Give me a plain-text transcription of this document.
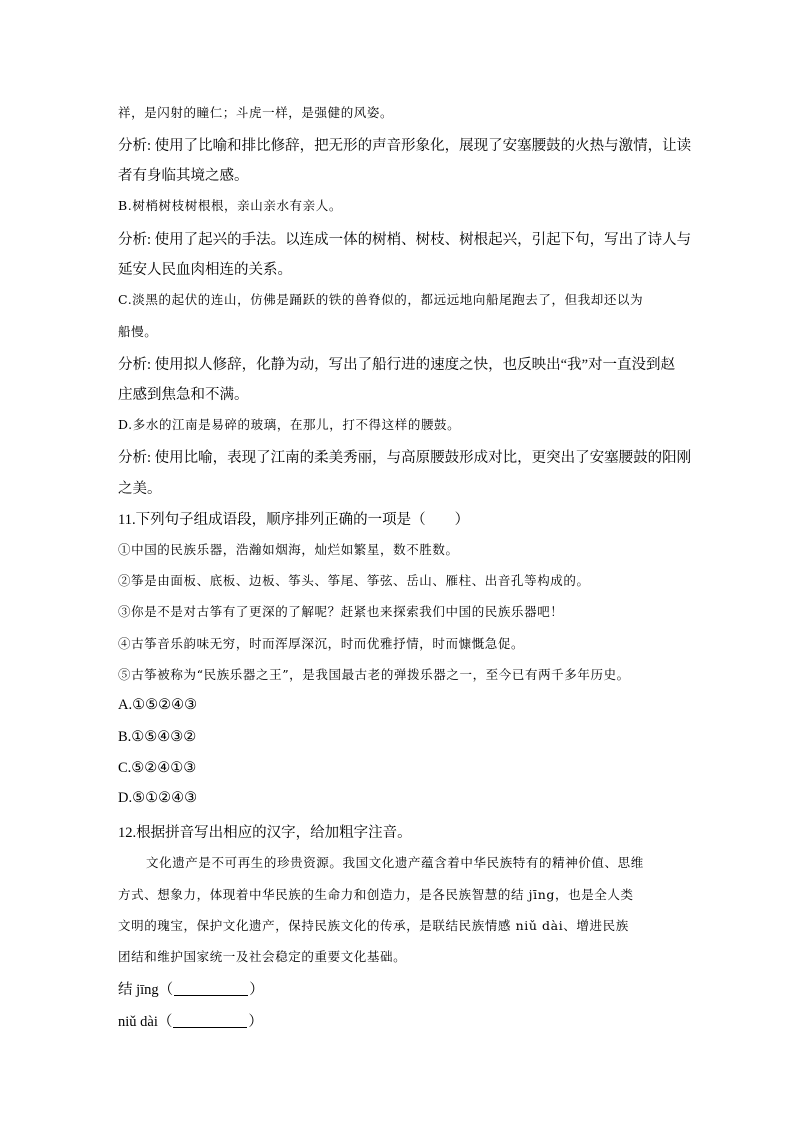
祥，是闪射的瞳仁；斗虎一样，是强健的风姿。
分析: 使用了比喻和排比修辞，把无形的声音形象化，展现了安塞腰鼓的火热与激情，让读
者有身临其境之感。
B.树梢树枝树根根，亲山亲水有亲人。
分析: 使用了起兴的手法。以连成一体的树梢、树枝、树根起兴，引起下句，写出了诗人与
延安人民血肉相连的关系。
C.淡黑的起伏的连山，仿佛是踊跃的铁的兽脊似的，都远远地向船尾跑去了，但我却还以为
船慢。
分析: 使用拟人修辞，化静为动，写出了船行进的速度之快，也反映出“我”对一直没到赵
庄感到焦急和不满。
D.多水的江南是易碎的玻璃，在那儿，打不得这样的腰鼓。
分析: 使用比喻，表现了江南的柔美秀丽，与高原腰鼓形成对比，更突出了安塞腰鼓的阳刚
之美。
11.下列句子组成语段，顺序排列正确的一项是（　　）
①中国的民族乐器，浩瀚如烟海，灿烂如繁星，数不胜数。
②筝是由面板、底板、边板、筝头、筝尾、筝弦、岳山、雁柱、出音孔等构成的。
③你是不是对古筝有了更深的了解呢？赶紧也来探索我们中国的民族乐器吧！
④古筝音乐韵味无穷，时而浑厚深沉，时而优雅抒情，时而慷慨急促。
⑤古筝被称为“民族乐器之王”，是我国最古老的弹拨乐器之一，至今已有两千多年历史。
A.①⑤②④③
B.①⑤④③②
C.⑤②④①③
D.⑤①②④③
12.根据拼音写出相应的汉字，给加粗字注音。
文化遗产是不可再生的珍贵资源。我国文化遗产蕴含着中华民族特有的精神价值、思维
方式、想象力，体现着中华民族的生命力和创造力，是各民族智慧的结 jīng，也是全人类
文明的瑰宝，保护文化遗产，保持民族文化的传承，是联结民族情感 niǔ dài、增进民族
团结和维护国家统一及社会稳定的重要文化基础。
结 jīng（	）
niǔ dài（	）
